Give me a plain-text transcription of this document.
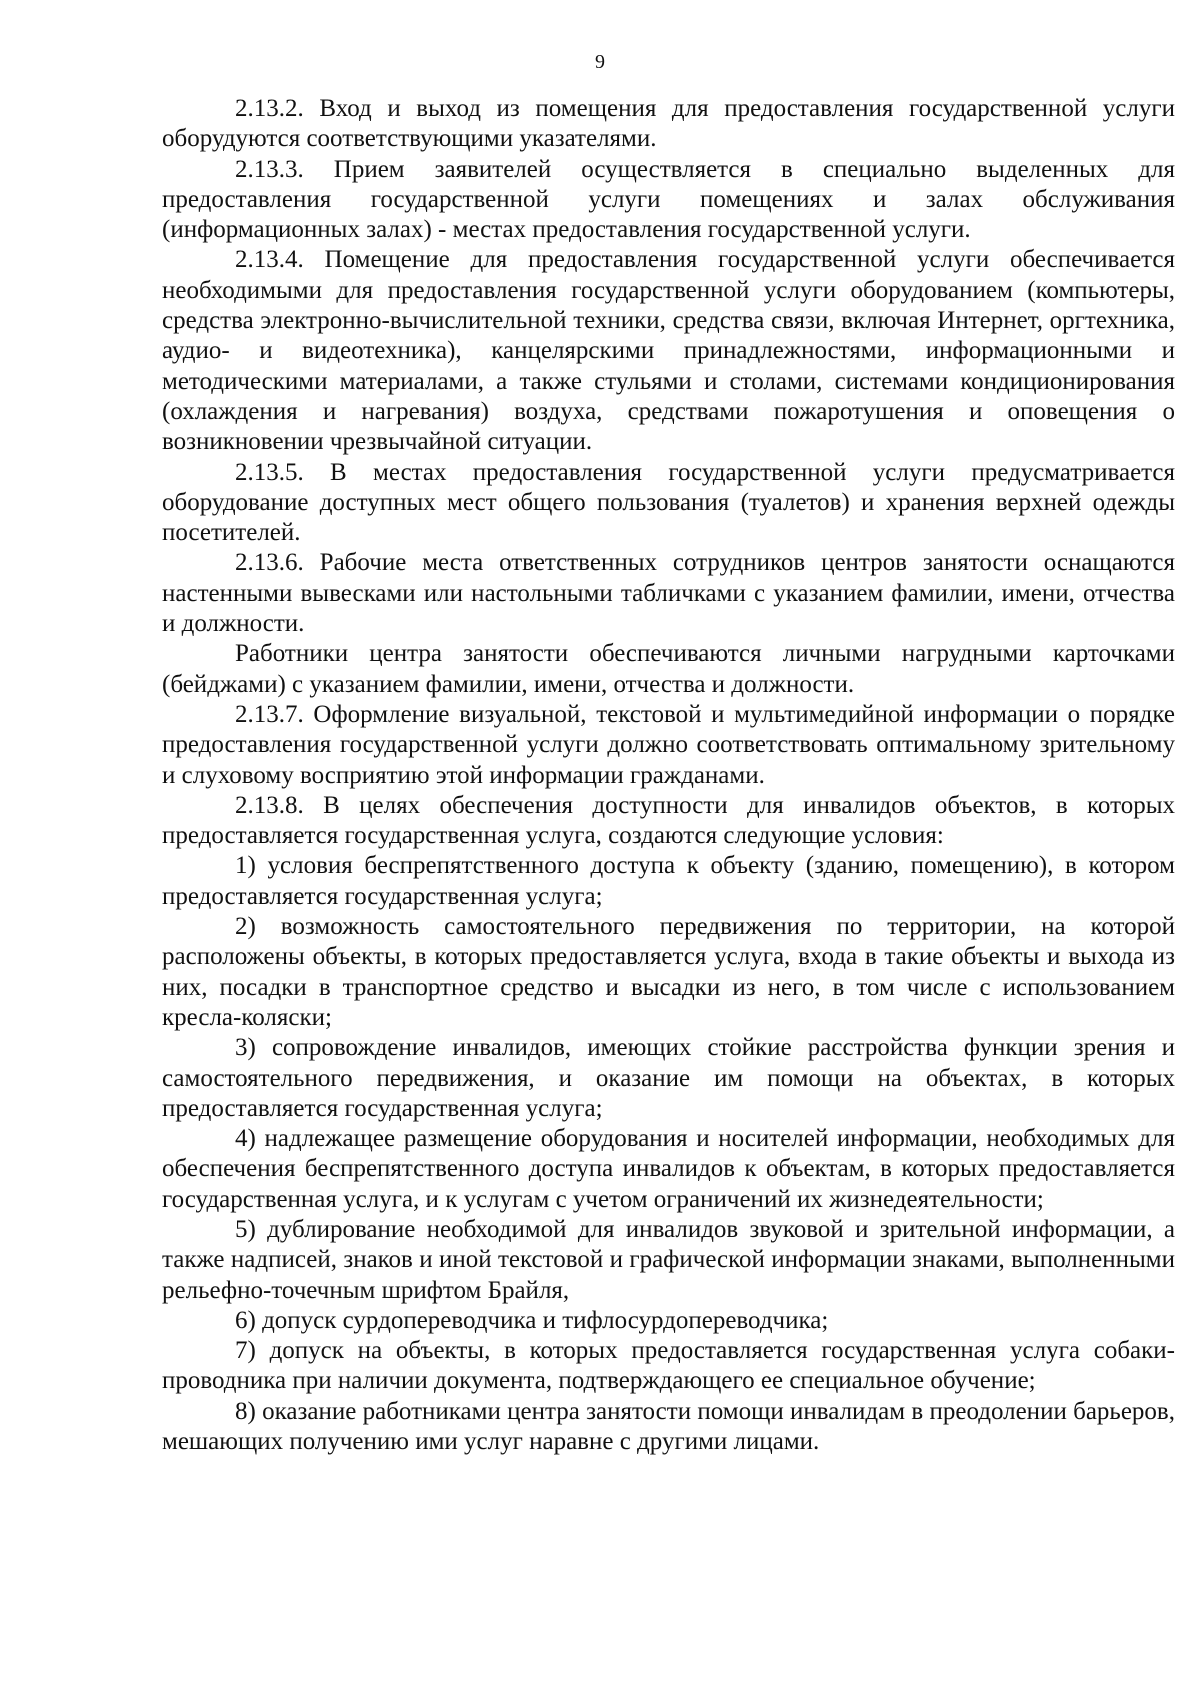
9

2.13.2. Вход и выход из помещения для предоставления государственной услуги оборудуются соответствующими указателями.

2.13.3. Прием заявителей осуществляется в специально выделенных для предоставления государственной услуги помещениях и залах обслуживания (информационных залах) - местах предоставления государственной услуги.

2.13.4. Помещение для предоставления государственной услуги обеспечивается необходимыми для предоставления государственной услуги оборудованием (компьютеры, средства электронно-вычислительной техники, средства связи, включая Интернет, оргтехника, аудио- и видеотехника), канцелярскими принадлежностями, информационными и методическими материалами, а также стульями и столами, системами кондиционирования (охлаждения и нагревания) воздуха, средствами пожаротушения и оповещения о возникновении чрезвычайной ситуации.

2.13.5. В местах предоставления государственной услуги предусматривается оборудование доступных мест общего пользования (туалетов) и хранения верхней одежды посетителей.

2.13.6. Рабочие места ответственных сотрудников центров занятости оснащаются настенными вывесками или настольными табличками с указанием фамилии, имени, отчества и должности.

Работники центра занятости обеспечиваются личными нагрудными карточками (бейджами) с указанием фамилии, имени, отчества и должности.

2.13.7. Оформление визуальной, текстовой и мультимедийной информации о порядке предоставления государственной услуги должно соответствовать оптимальному зрительному и слуховому восприятию этой информации гражданами.

2.13.8. В целях обеспечения доступности для инвалидов объектов, в которых предоставляется государственная услуга, создаются следующие условия:

1) условия беспрепятственного доступа к объекту (зданию, помещению), в котором предоставляется государственная услуга;

2) возможность самостоятельного передвижения по территории, на которой расположены объекты, в которых предоставляется услуга, входа в такие объекты и выхода из них, посадки в транспортное средство и высадки из него, в том числе с использованием кресла-коляски;

3) сопровождение инвалидов, имеющих стойкие расстройства функции зрения и самостоятельного передвижения, и оказание им помощи на объектах, в которых предоставляется государственная услуга;

4) надлежащее размещение оборудования и носителей информации, необходимых для обеспечения беспрепятственного доступа инвалидов к объектам, в которых предоставляется государственная услуга, и к услугам с учетом ограничений их жизнедеятельности;

5) дублирование необходимой для инвалидов звуковой и зрительной информации, а также надписей, знаков и иной текстовой и графической информации знаками, выполненными рельефно-точечным шрифтом Брайля,

6) допуск сурдопереводчика и тифлосурдопереводчика;

7) допуск на объекты, в которых предоставляется государственная услуга собаки-проводника при наличии документа, подтверждающего ее специальное обучение;

8) оказание работниками центра занятости помощи инвалидам в преодолении барьеров, мешающих получению ими услуг наравне с другими лицами.
